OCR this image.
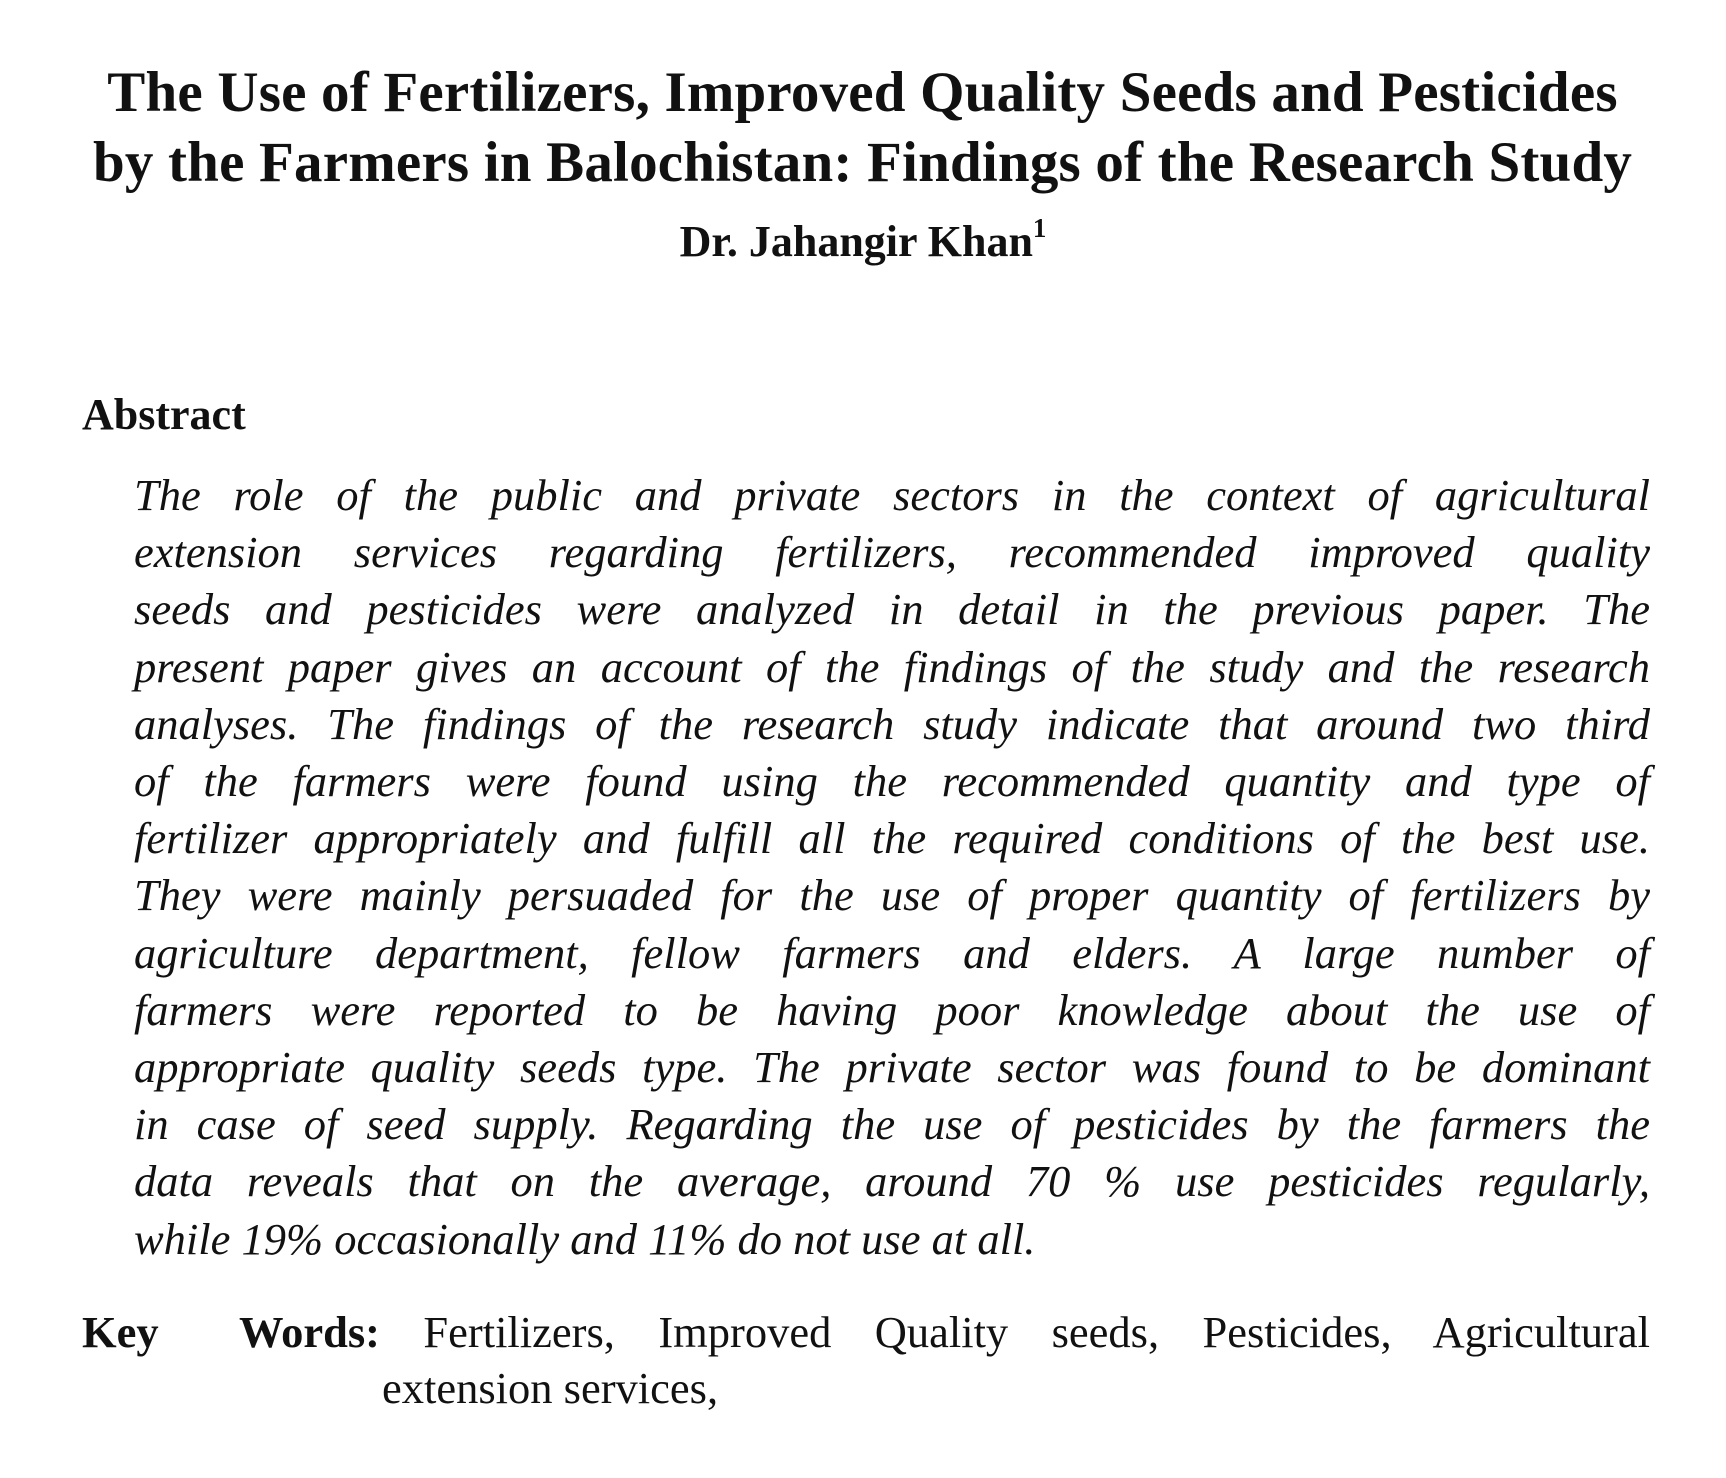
The Use of Fertilizers, Improved Quality Seeds and Pesticides
by the Farmers in Balochistan: Findings of the Research Study
Dr. Jahangir Khan$^1$
Abstract
The role of the public and private sectors in the context of agricultural
extension services regarding fertilizers, recommended improved quality
seeds and pesticides were analyzed in detail in the previous paper. The
present paper gives an account of the findings of the study and the research
analyses. The findings of the research study indicate that around two third
of the farmers were found using the recommended quantity and type of
fertilizer appropriately and fulfill all the required conditions of the best use.
They were mainly persuaded for the use of proper quantity of fertilizers by
agriculture department, fellow farmers and elders. A large number of
farmers were reported to be having poor knowledge about the use of
appropriate quality seeds type. The private sector was found to be dominant
in case of seed supply. Regarding the use of pesticides by the farmers the
data reveals that on the average, around 70 % use pesticides regularly,
while 19% occasionally and 11% do not use at all.
Key Words: Fertilizers, Improved Quality seeds, Pesticides, Agricultural
extension services,
